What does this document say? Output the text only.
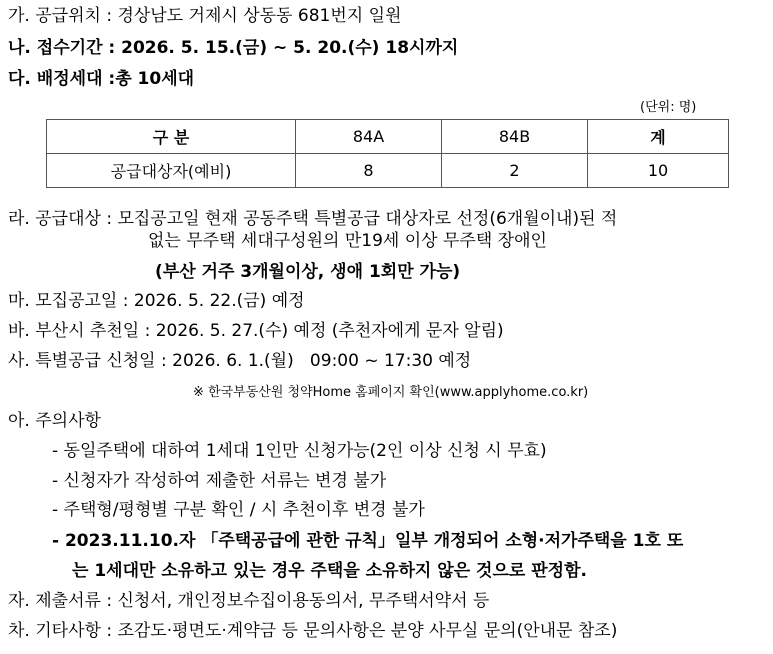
가. 공급위치 : 경상남도 거제시 상동동 681번지 일원
나. 접수기간 : 2026. 5. 15.(금) ~ 5. 20.(수) 18시까지
다. 배정세대 :총 10세대
(단위: 명)
구 분	84A	84B	계
공급대상자(예비)	8	2	10
라. 공급대상 : 모집공고일 현재 공동주택 특별공급 대상자로 선정(6개월이내)된 적
없는 무주택 세대구성원의 만19세 이상 무주택 장애인
(부산 거주 3개월이상, 생애 1회만 가능)
마. 모집공고일 : 2026. 5. 22.(금) 예정
바. 부산시 추천일 : 2026. 5. 27.(수) 예정 (추천자에게 문자 알림)
사. 특별공급 신청일 : 2026. 6. 1.(월)   09:00 ~ 17:30 예정
※ 한국부동산원 청약Home 홈페이지 확인(www.applyhome.co.kr)
아. 주의사항
- 동일주택에 대하여 1세대 1인만 신청가능(2인 이상 신청 시 무효)
- 신청자가 작성하여 제출한 서류는 변경 불가
- 주택형/평형별 구분 확인 / 시 추천이후 변경 불가
- 2023.11.10.자 「주택공급에 관한 규칙」일부 개정되어 소형·저가주택을 1호 또
는 1세대만 소유하고 있는 경우 주택을 소유하지 않은 것으로 판정함.
자. 제출서류 : 신청서, 개인정보수집이용동의서, 무주택서약서 등
차. 기타사항 : 조감도·평면도·계약금 등 문의사항은 분양 사무실 문의(안내문 참조)
